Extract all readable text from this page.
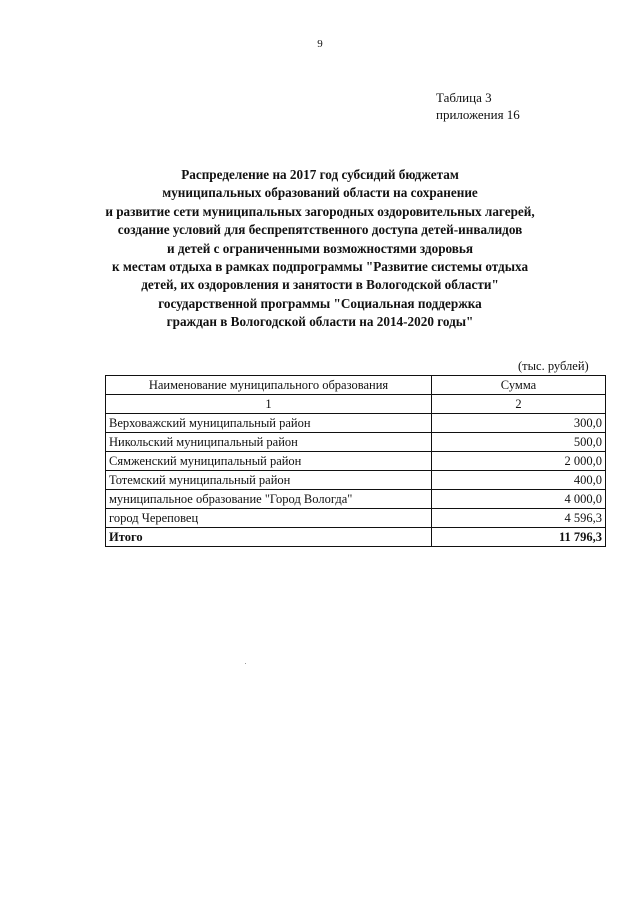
9
Таблица 3
приложения 16
Распределение на 2017 год субсидий бюджетам
муниципальных образований области на сохранение
и развитие сети муниципальных загородных оздоровительных лагерей,
создание условий для беспрепятственного доступа детей-инвалидов
и детей с ограниченными возможностями здоровья
к местам отдыха в рамках подпрограммы "Развитие системы отдыха
детей, их оздоровления и занятости в Вологодской области"
государственной программы "Социальная поддержка
граждан в Вологодской области на 2014-2020 годы"
(тыс. рублей)
Наименование муниципального образования	Сумма
1	2
Верховажский муниципальный район	300,0
Никольский муниципальный район	500,0
Сямженский муниципальный район	2 000,0
Тотемский муниципальный район	400,0
муниципальное образование "Город Вологда"	4 000,0
город Череповец	4 596,3
Итого	11 796,3
